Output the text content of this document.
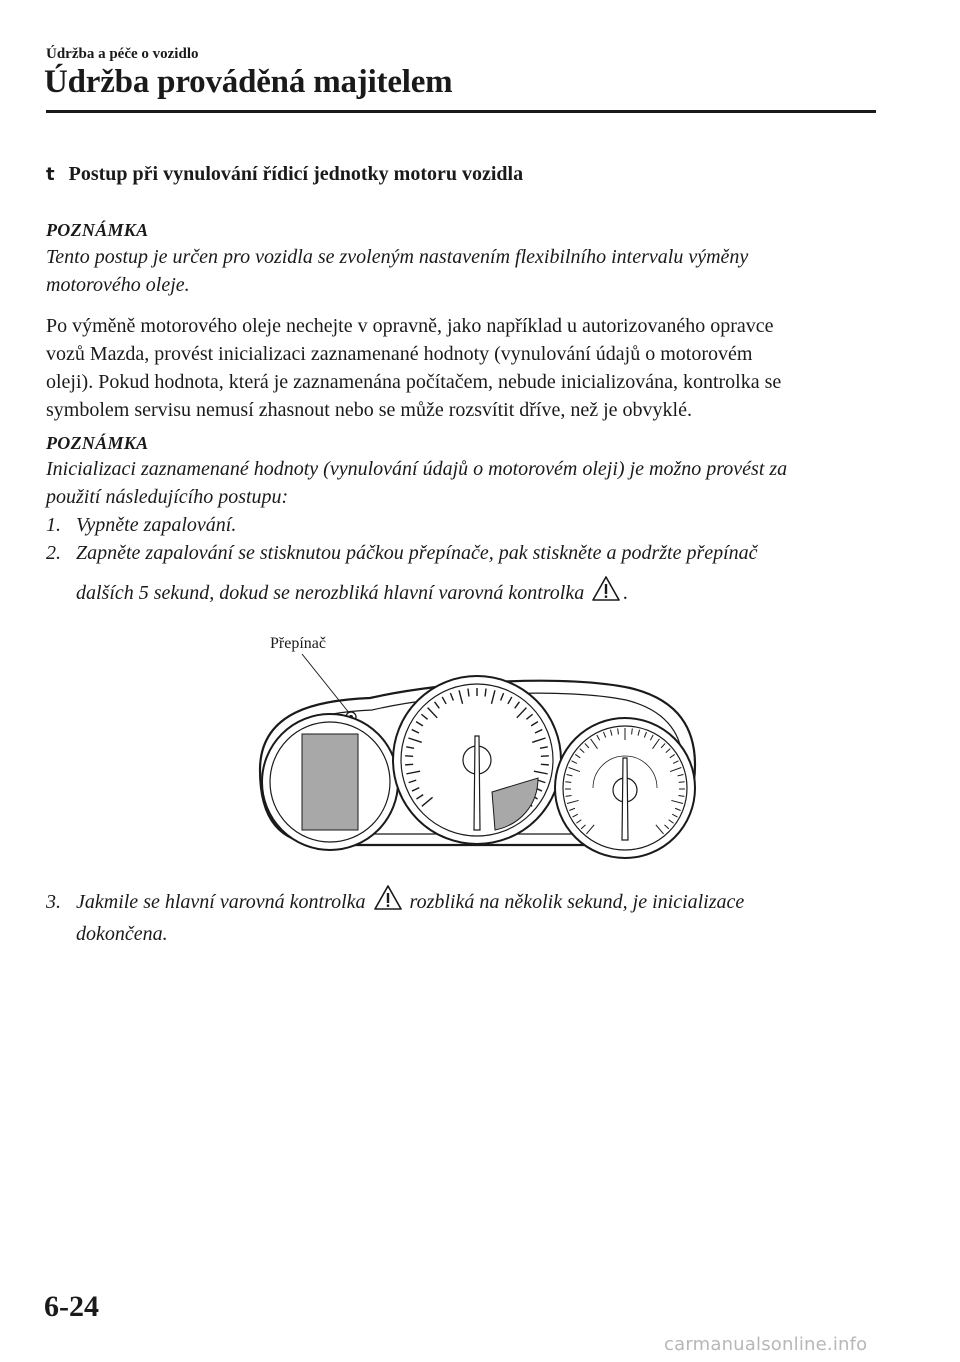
Údržba a péče o vozidlo
Údržba prováděná majitelem
t Postup při vynulování řídicí jednotky motoru vozidla
POZNÁMKA
Tento postup je určen pro vozidla se zvoleným nastavením flexibilního intervalu výměny
motorového oleje.
Po výměně motorového oleje nechejte v opravně, jako například u autorizovaného opravce
vozů Mazda, provést inicializaci zaznamenané hodnoty (vynulování údajů o motorovém
oleji). Pokud hodnota, která je zaznamenána počítačem, nebude inicializována, kontrolka se
symbolem servisu nemusí zhasnout nebo se může rozsvítit dříve, než je obvyklé.
POZNÁMKA
Inicializaci zaznamenané hodnoty (vynulování údajů o motorovém oleji) je možno provést za
použití následujícího postupu:
1. Vypněte zapalování.
2. Zapněte zapalování se stisknutou páčkou přepínače, pak stiskněte a podržte přepínač
dalších 5 sekund, dokud se nerozbliká hlavní varovná kontrolka .
Přepínač
3. Jakmile se hlavní varovná kontrolka rozbliká na několik sekund, je inicializace
dokončena.
6-24
carmanualsonline.info
